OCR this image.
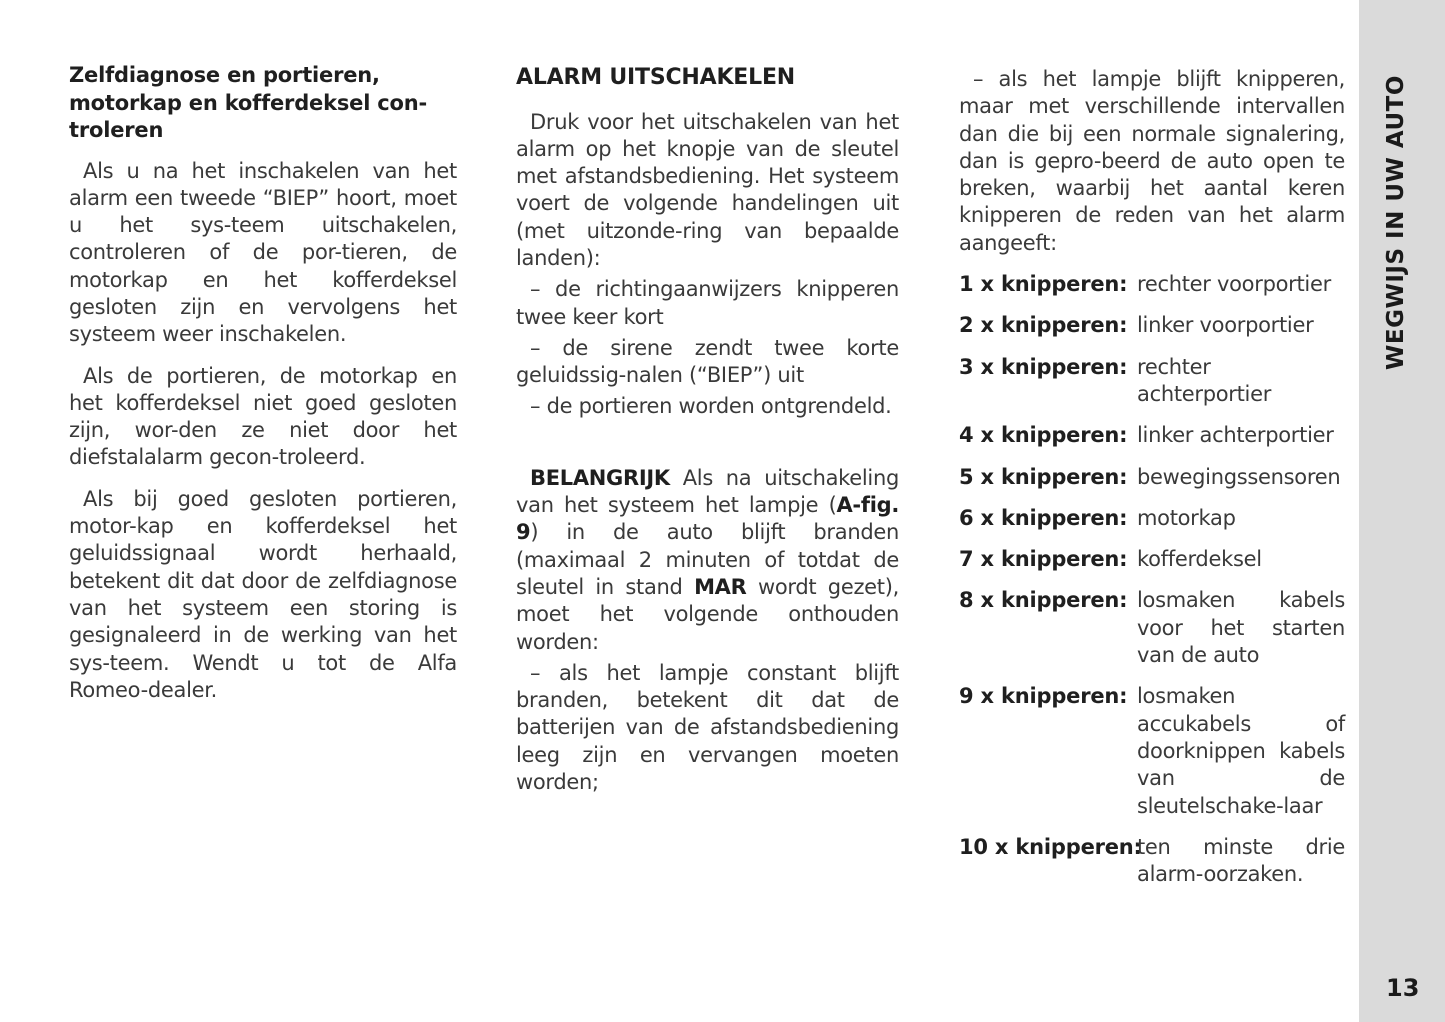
Zelfdiagnose en portieren, motorkap en kofferdeksel con-troleren

Als u na het inschakelen van het alarm een tweede “BIEP” hoort, moet u het sys-teem uitschakelen, controleren of de por-tieren, de motorkap en het kofferdeksel gesloten zijn en vervolgens het systeem weer inschakelen.

Als de portieren, de motorkap en het kofferdeksel niet goed gesloten zijn, wor-den ze niet door het diefstalalarm gecon-troleerd.

Als bij goed gesloten portieren, motor-kap en kofferdeksel het geluidssignaal wordt herhaald, betekent dit dat door de zelfdiagnose van het systeem een storing is gesignaleerd in de werking van het sys-teem. Wendt u tot de Alfa Romeo-dealer.

ALARM UITSCHAKELEN

Druk voor het uitschakelen van het alarm op het knopje van de sleutel met afstandsbediening. Het systeem voert de volgende handelingen uit (met uitzonde-ring van bepaalde landen):

– de richtingaanwijzers knipperen twee keer kort

– de sirene zendt twee korte geluidssig-nalen (“BIEP”) uit

– de portieren worden ontgrendeld.

BELANGRIJK Als na uitschakeling van het systeem het lampje (A-fig. 9) in de auto blijft branden (maximaal 2 minuten of totdat de sleutel in stand MAR wordt gezet), moet het volgende onthouden worden:

– als het lampje constant blijft branden, betekent dit dat de batterijen van de afstandsbediening leeg zijn en vervangen moeten worden;

– als het lampje blijft knipperen, maar met verschillende intervallen dan die bij een normale signalering, dan is gepro-beerd de auto open te breken, waarbij het aantal keren knipperen de reden van het alarm aangeeft:

1 x knipperen: rechter voorportier
2 x knipperen: linker voorportier
3 x knipperen: rechter achterportier
4 x knipperen: linker achterportier
5 x knipperen: bewegingssensoren
6 x knipperen: motorkap
7 x knipperen: kofferdeksel
8 x knipperen: losmaken kabels voor het starten van de auto
9 x knipperen: losmaken accukabels of doorknippen kabels van de sleutelschake-laar
10 x knipperen:
ten minste drie alarm-oorzaken.
WEGWIJS IN UW AUTO
13
